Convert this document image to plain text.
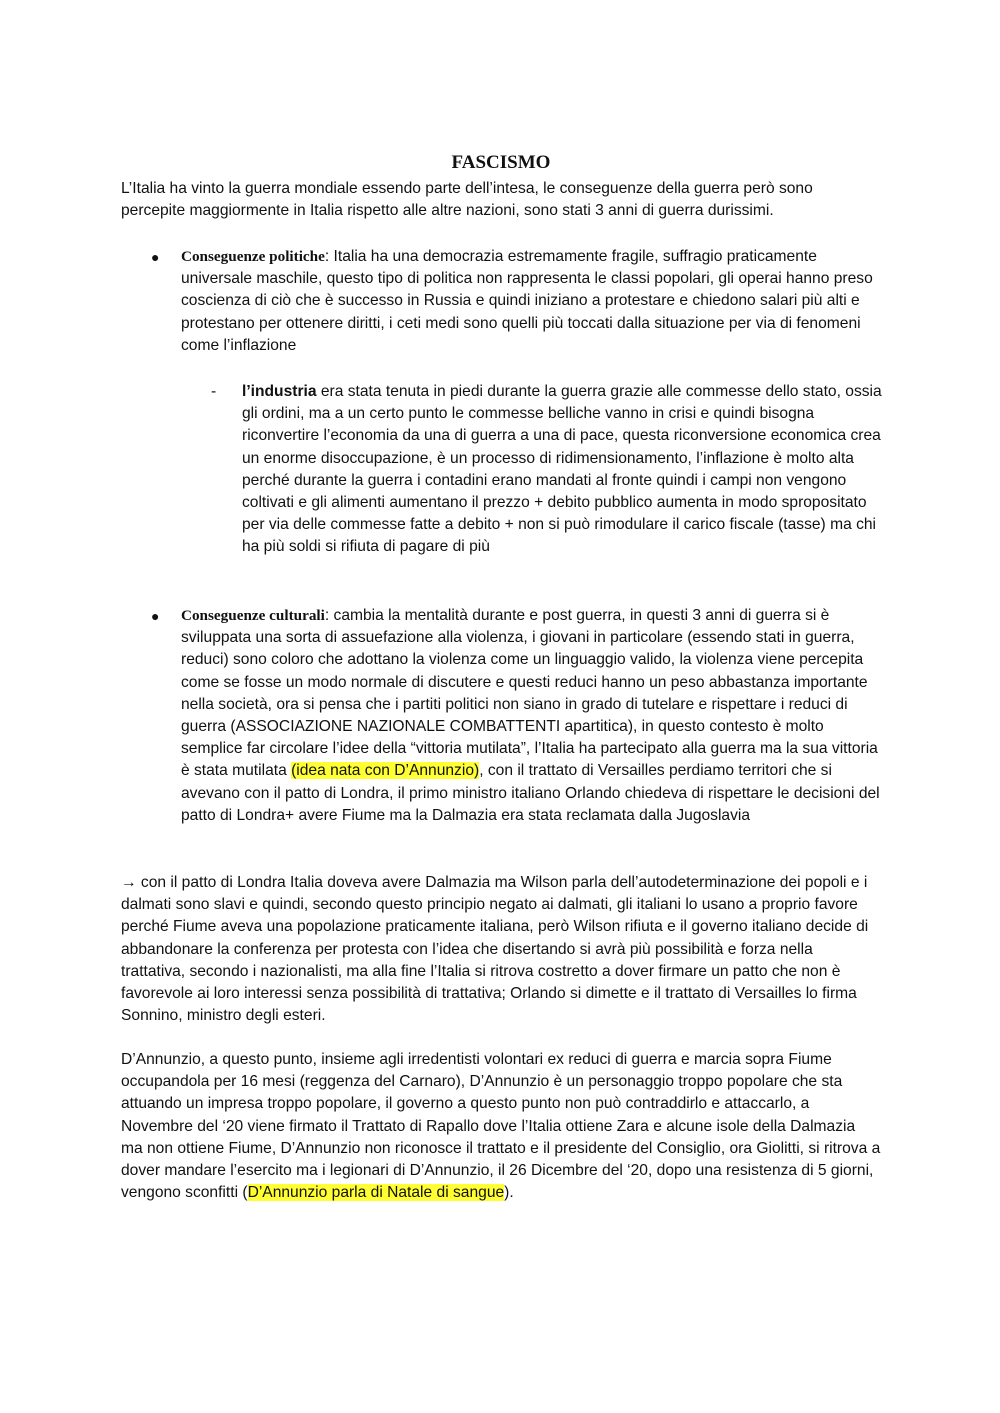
FASCISMO

L’Italia ha vinto la guerra mondiale essendo parte dell’intesa, le conseguenze della guerra però sono percepite maggiormente in Italia rispetto alle altre nazioni, sono stati 3 anni di guerra durissimi.

● Conseguenze politiche: Italia ha una democrazia estremamente fragile, suffragio praticamente universale maschile, questo tipo di politica non rappresenta le classi popolari, gli operai hanno preso coscienza di ciò che è successo in Russia e quindi iniziano a protestare e chiedono salari più alti e protestano per ottenere diritti, i ceti medi sono quelli più toccati dalla situazione per via di fenomeni come l’inflazione
- l’industria era stata tenuta in piedi durante la guerra grazie alle commesse dello stato, ossia gli ordini, ma a un certo punto le commesse belliche vanno in crisi e quindi bisogna riconvertire l’economia da una di guerra a una di pace, questa riconversione economica crea un enorme disoccupazione, è un processo di ridimensionamento, l’inflazione è molto alta perché durante la guerra i contadini erano mandati al fronte quindi i campi non vengono coltivati e gli alimenti aumentano il prezzo + debito pubblico aumenta in modo spropositato per via delle commesse fatte a debito + non si può rimodulare il carico fiscale (tasse) ma chi ha più soldi si rifiuta di pagare di più
● Conseguenze culturali: cambia la mentalità durante e post guerra, in questi 3 anni di guerra si è sviluppata una sorta di assuefazione alla violenza, i giovani in particolare (essendo stati in guerra, reduci) sono coloro che adottano la violenza come un linguaggio valido, la violenza viene percepita come se fosse un modo normale di discutere e questi reduci hanno un peso abbastanza importante nella società, ora si pensa che i partiti politici non siano in grado di tutelare e rispettare i reduci di guerra (ASSOCIAZIONE NAZIONALE COMBATTENTI apartitica), in questo contesto è molto semplice far circolare l’idee della “vittoria mutilata”, l’Italia ha partecipato alla guerra ma la sua vittoria è stata mutilata (idea nata con D’Annunzio), con il trattato di Versailles perdiamo territori che si avevano con il patto di Londra, il primo ministro italiano Orlando chiedeva di rispettare le decisioni del patto di Londra+ avere Fiume ma la Dalmazia era stata reclamata dalla Jugoslavia

→ con il patto di Londra Italia doveva avere Dalmazia ma Wilson parla dell’autodeterminazione dei popoli e i dalmati sono slavi e quindi, secondo questo principio negato ai dalmati, gli italiani lo usano a proprio favore perché Fiume aveva una popolazione praticamente italiana, però Wilson rifiuta e il governo italiano decide di abbandonare la conferenza per protesta con l’idea che disertando si avrà più possibilità e forza nella trattativa, secondo i nazionalisti, ma alla fine l’Italia si ritrova costretto a dover firmare un patto che non è favorevole ai loro interessi senza possibilità di trattativa; Orlando si dimette e il trattato di Versailles lo firma Sonnino, ministro degli esteri.

D’Annunzio, a questo punto, insieme agli irredentisti volontari ex reduci di guerra e marcia sopra Fiume occupandola per 16 mesi (reggenza del Carnaro), D’Annunzio è un personaggio troppo popolare che sta attuando un impresa troppo popolare, il governo a questo punto non può contraddirlo e attaccarlo, a Novembre del ‘20 viene firmato il Trattato di Rapallo dove l’Italia ottiene Zara e alcune isole della Dalmazia ma non ottiene Fiume, D’Annunzio non riconosce il trattato e il presidente del Consiglio, ora Giolitti, si ritrova a dover mandare l’esercito ma i legionari di D’Annunzio, il 26 Dicembre del ‘20, dopo una resistenza di 5 giorni, vengono sconfitti (D’Annunzio parla di Natale di sangue).
